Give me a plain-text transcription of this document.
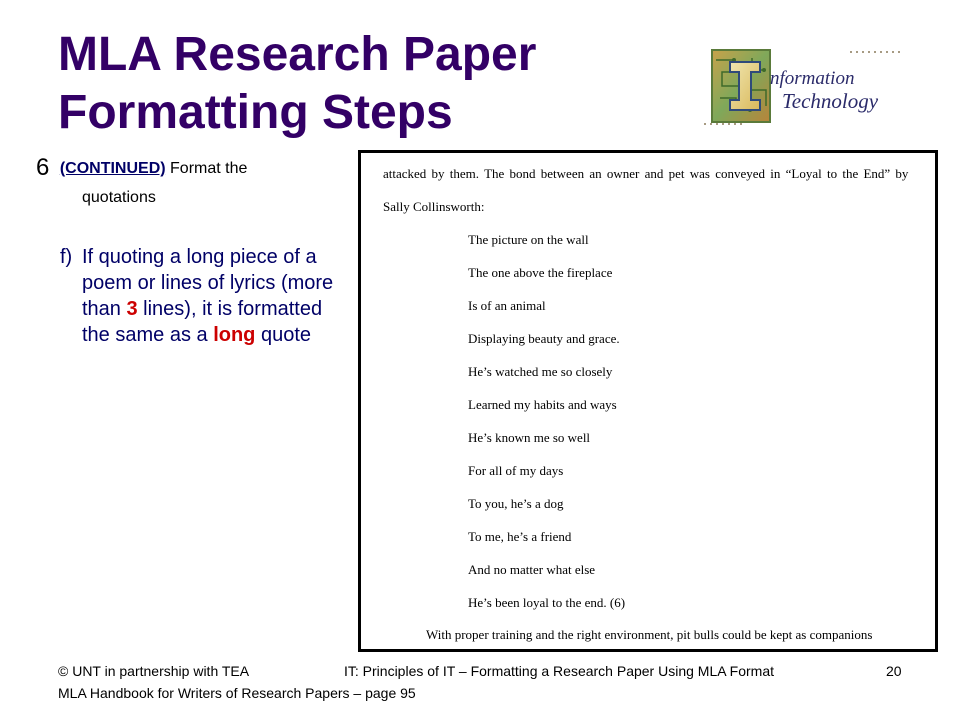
MLA Research Paper
Formatting Steps
nformation
Technology
6 (CONTINUED) Format the
quotations
f) If quoting a long piece of a poem or lines of lyrics (more than 3 lines), it is formatted the same as a long quote
attacked by them. The bond between an owner and pet was conveyed in “Loyal to the End” by
Sally Collinsworth:
The picture on the wall
The one above the fireplace
Is of an animal
Displaying beauty and grace.
He’s watched me so closely
Learned my habits and ways
He’s known me so well
For all of my days
To you, he’s a dog
To me, he’s a friend
And no matter what else
He’s been loyal to the end. (6)
With proper training and the right environment, pit bulls could be kept as companions
© UNT in partnership with TEA	IT: Principles of IT – Formatting a Research Paper Using MLA Format	20
MLA Handbook for Writers of Research Papers – page 95
